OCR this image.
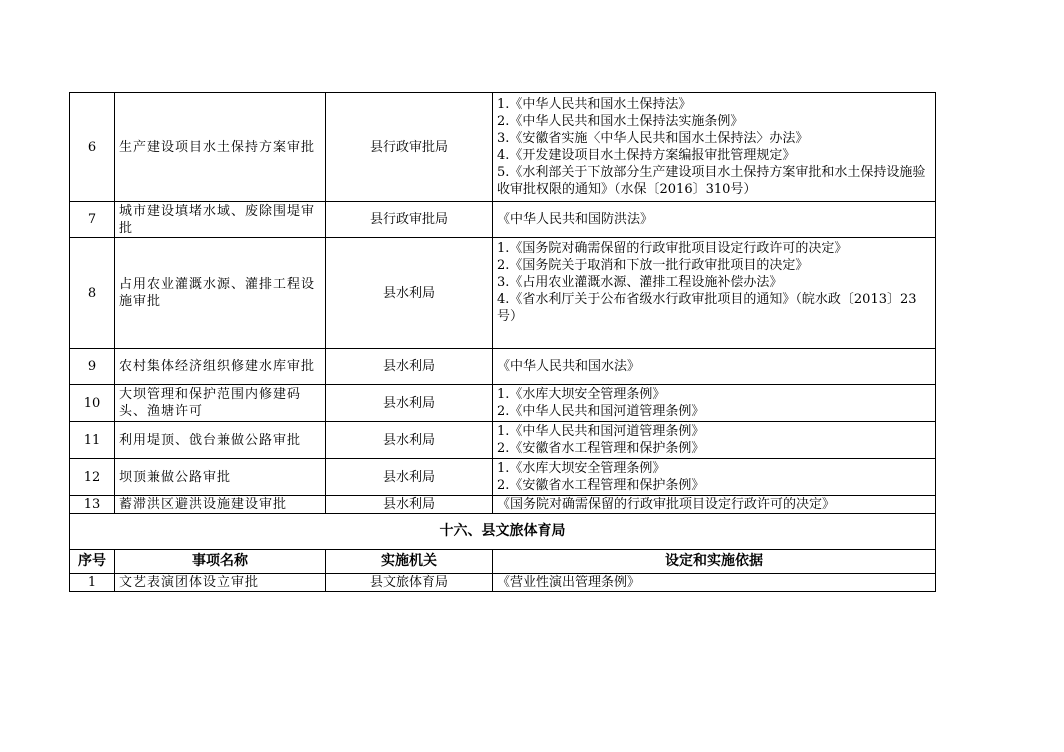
6	生产建设项目水土保持方案审批	县行政审批局	1.《中华人民共和国水土保持法》
2.《中华人民共和国水土保持法实施条例》
3.《安徽省实施〈中华人民共和国水土保持法〉办法》
4.《开发建设项目水土保持方案编报审批管理规定》
5.《水利部关于下放部分生产建设项目水土保持方案审批和水土保持设施验收审批权限的通知》（水保〔2016〕310号）

7	城市建设填堵水域、废除围堤审批	县行政审批局	《中华人民共和国防洪法》

8	占用农业灌溉水源、灌排工程设施审批	县水利局	1.《国务院对确需保留的行政审批项目设定行政许可的决定》
2.《国务院关于取消和下放一批行政审批项目的决定》
3.《占用农业灌溉水源、灌排工程设施补偿办法》
4.《省水利厅关于公布省级水行政审批项目的通知》（皖水政〔2013〕23号）

9	农村集体经济组织修建水库审批	县水利局	《中华人民共和国水法》

10	大坝管理和保护范围内修建码头、渔塘许可	县水利局	1.《水库大坝安全管理条例》
2.《中华人民共和国河道管理条例》

11	利用堤顶、戗台兼做公路审批	县水利局	1.《中华人民共和国河道管理条例》
2.《安徽省水工程管理和保护条例》

12	坝顶兼做公路审批	县水利局	1.《水库大坝安全管理条例》
2.《安徽省水工程管理和保护条例》

13	蓄滞洪区避洪设施建设审批	县水利局	《国务院对确需保留的行政审批项目设定行政许可的决定》

十六、县文旅体育局			
序号	事项名称	实施机关	设定和实施依据
1	文艺表演团体设立审批	县文旅体育局	《营业性演出管理条例》
